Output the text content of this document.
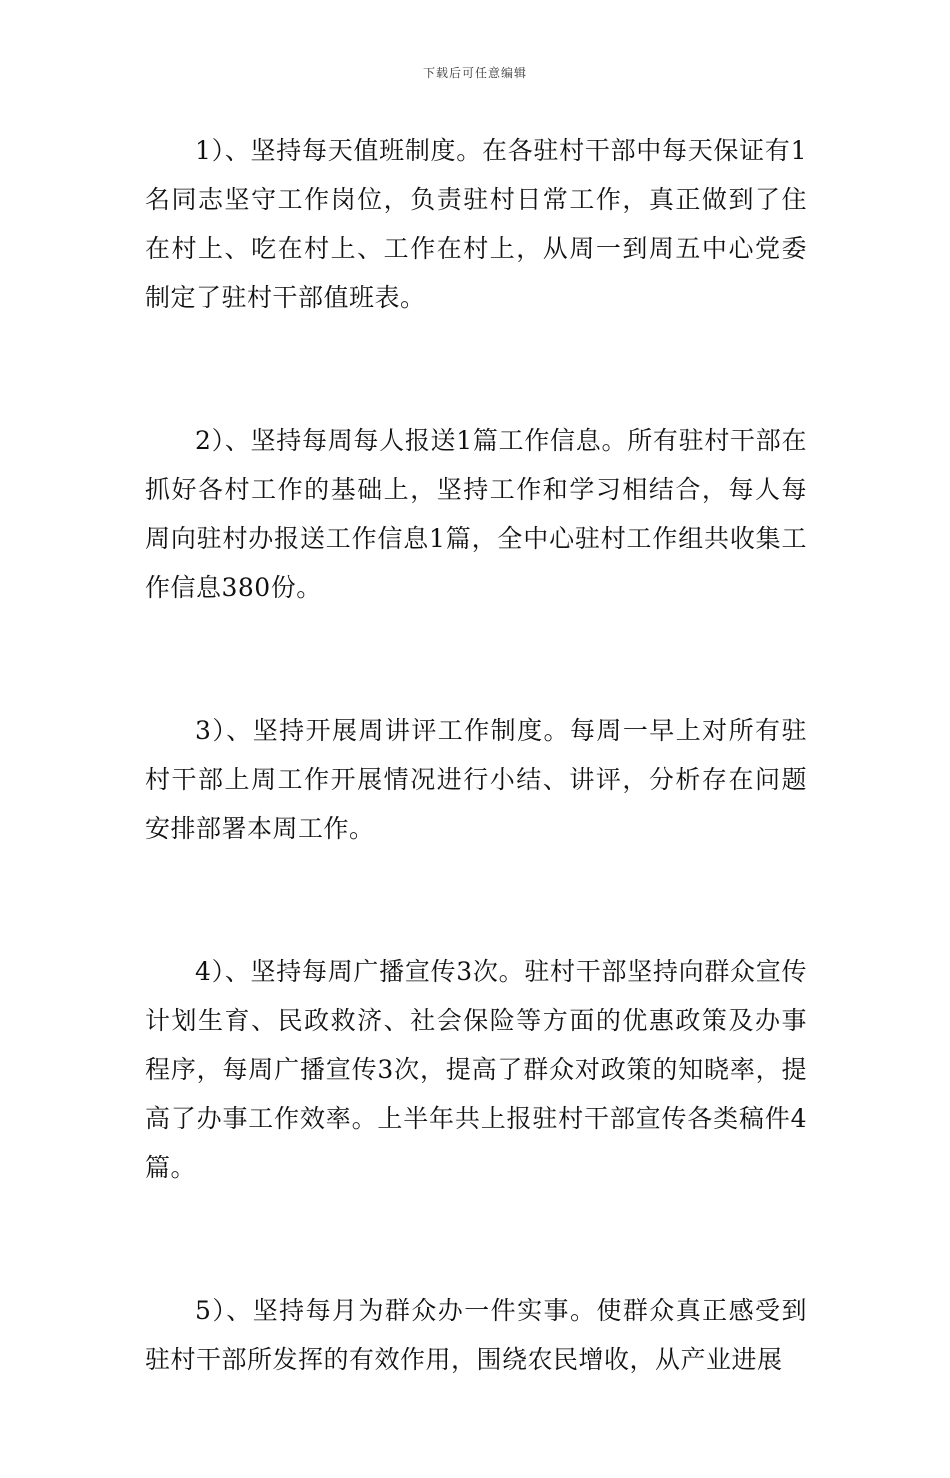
下载后可任意编辑

1）、坚持每天值班制度。在各驻村干部中每天保证有1名同志坚守工作岗位，负责驻村日常工作，真正做到了住在村上、吃在村上、工作在村上，从周一到周五中心党委制定了驻村干部值班表。

2）、坚持每周每人报送1篇工作信息。所有驻村干部在抓好各村工作的基础上，坚持工作和学习相结合，每人每周向驻村办报送工作信息1篇，全中心驻村工作组共收集工作信息380份。

3）、坚持开展周讲评工作制度。每周一早上对所有驻村干部上周工作开展情况进行小结、讲评，分析存在问题安排部署本周工作。

4）、坚持每周广播宣传3次。驻村干部坚持向群众宣传计划生育、民政救济、社会保险等方面的优惠政策及办事程序，每周广播宣传3次，提高了群众对政策的知晓率，提高了办事工作效率。上半年共上报驻村干部宣传各类稿件4篇。

5）、坚持每月为群众办一件实事。使群众真正感受到驻村干部所发挥的有效作用，围绕农民增收，从产业进展
